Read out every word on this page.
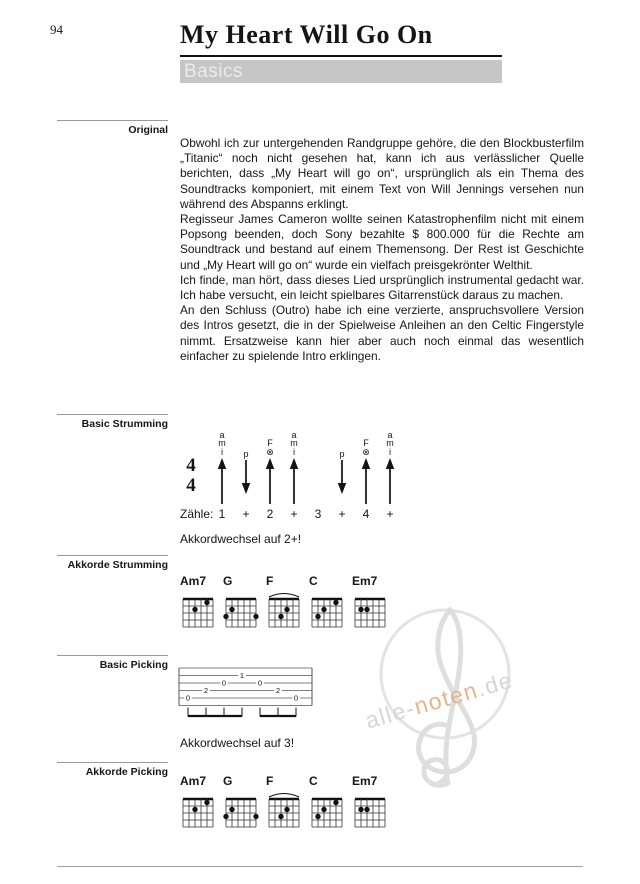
alle-noten.de
94	My Heart Will Go On
Basics
Original
Basic Strumming
Akkorde Strumming
Basic Picking
Akkorde Picking

Obwohl ich zur untergehenden Randgruppe gehöre, die den Blockbusterfilm „Titanic“ noch nicht gesehen hat, kann ich aus verlässlicher Quelle berichten, dass „My Heart will go on“, ursprünglich als ein Thema des Soundtracks komponiert, mit einem Text von Will Jennings versehen nun während des Abspanns erklingt.

Regisseur James Cameron wollte seinen Katastrophenfilm nicht mit einem Popsong beenden, doch Sony bezahlte $ 800.000 für die Rechte am Soundtrack und bestand auf einem Themensong. Der Rest ist Geschichte und „My Heart will go on“ wurde ein vielfach preisgekrönter Welthit.

Ich finde, man hört, dass dieses Lied ursprünglich instrumental gedacht war. Ich habe versucht, ein leicht spielbares Gitarrenstück daraus zu machen.

An den Schluss (Outro) habe ich eine verzierte, anspruchsvollere Version des Intros gesetzt, die in der Spielweise Anleihen an den Celtic Fingerstyle nimmt. Ersatzweise kann hier aber auch noch einmal das wesentlich einfacher zu spielende Intro erklingen.

4
4
a
m
i	p
F
⊗
a
m
i	p
F
⊗
a
m
i
Zähle: 1	+	2	+	3	+	4	+
Akkordwechsel auf 2+!
Am7	G	F	C	Em7
0
2
0
1
0
2
0
Akkordwechsel auf 3!
Am7	G	F	C	Em7
